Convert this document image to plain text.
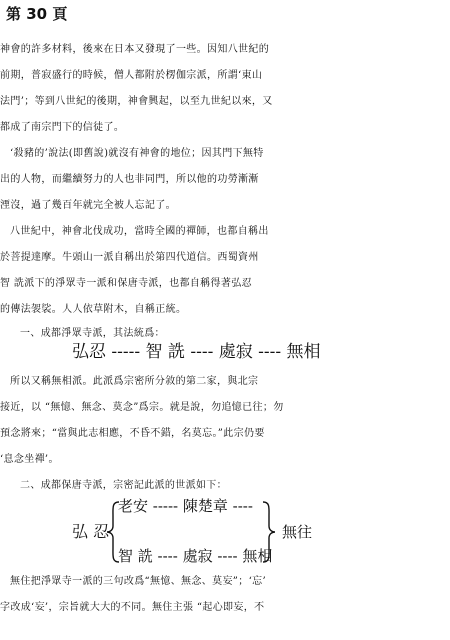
第 30 頁
神會的許多材料，後來在日本又發現了一些。因知八世紀的
前期，普寂盛行的時候，僧人都附於楞伽宗派，所謂‘東山
法門’；等到八世紀的後期，神會興起，以至九世紀以來，又
都成了南宗門下的信徒了。
‘殺豬的’說法(即舊說)就沒有神會的地位；因其門下無特
出的人物，而繼續努力的人也非同門，所以他的功勞漸漸
湮沒，過了幾百年就完全被人忘記了。
八世紀中，神會北伐成功，當時全國的禪師，也都自稱出
於菩提達摩。牛頭山一派自稱出於第四代道信。西蜀資州
智 詵派下的淨眾寺一派和保唐寺派，也都自稱得著弘忍
的傳法袈裟。人人依草附木，自稱正統。
一、成都淨眾寺派，其法統爲：
弘忍 ----- 智 詵 ---- 處寂 ---- 無相
所以又稱無相派。此派爲宗密所分敘的第二家，與北宗
接近，以 “無憶、無念、莫念”爲宗。就是說，勿追憶已往；勿
預念將來；“當與此志相應，不昏不錯，名莫忘。”此宗仍要
‘息念坐禪’。
二、成都保唐寺派，宗密記此派的世派如下：
弘 忍
老安 ----- 陳楚章 ----
智 詵 ---- 處寂 ---- 無相
無往
無住把淨眾寺一派的三句改爲“無憶、無念、莫妄”；‘忘’
字改成‘妄’，宗旨就大大的不同。無住主張 “起心即妄，不
